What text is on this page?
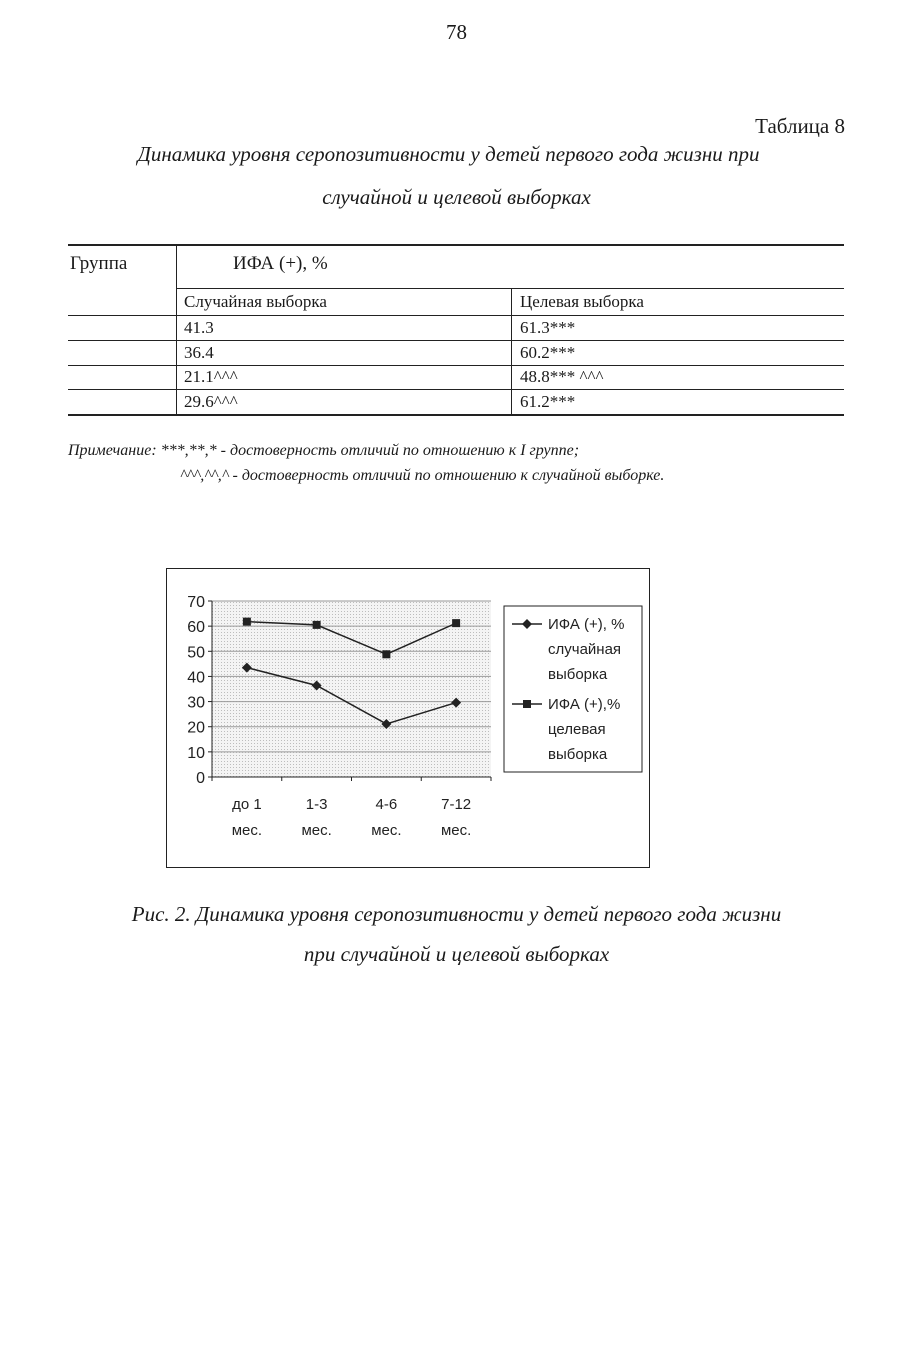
78
Таблица 8
Динамика уровня серопозитивности у детей первого года жизни при
случайной и целевой выборках
Группа	ИФА (+), %
Случайная выборка	Целевая выборка
41.3	61.3***
36.4	60.2***
21.1^^^	48.8*** ^^^
29.6^^^	61.2***
Примечание: ***,**,* - достоверность отличий по отношению к I группе;
^^^,^^,^ - достоверность отличий по отношению к случайной выборке.
0
10
20
30
40
50
60
70
до 1
мес.
1-3
мес.
4-6
мес.
7-12
мес.
ИФА (+), %
случайная
выборка
ИФА (+),%
целевая
выборка
Рис. 2. Динамика уровня серопозитивности у детей первого года жизни
при случайной и целевой выборках
